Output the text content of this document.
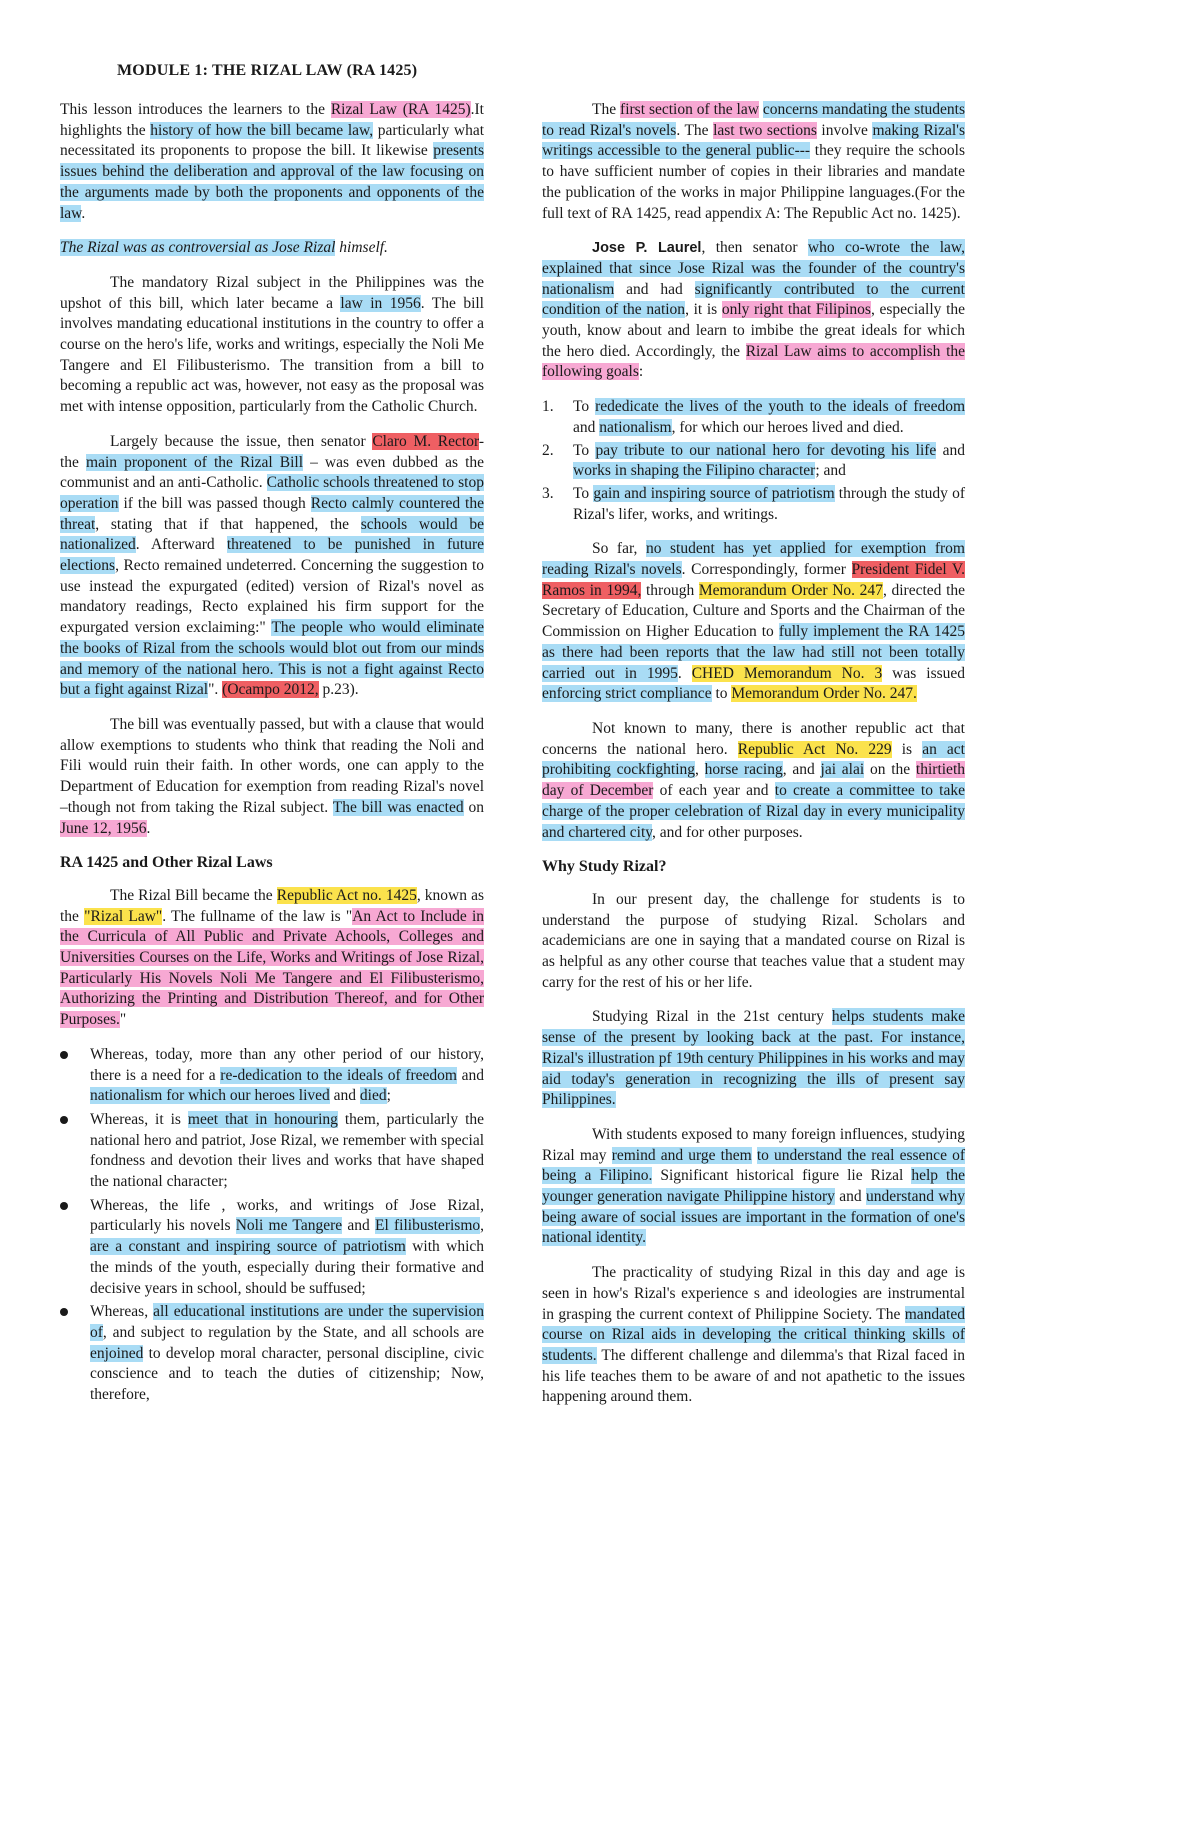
MODULE 1: THE RIZAL LAW (RA 1425)

This lesson introduces the learners to the Rizal Law (RA 1425).It highlights the history of how the bill became law, particularly what necessitated its proponents to propose the bill. It likewise presents issues behind the deliberation and approval of the law focusing on the arguments made by both the proponents and opponents of the law.

The Rizal was as controversial as Jose Rizal himself.

The mandatory Rizal subject in the Philippines was the upshot of this bill, which later became a law in 1956. The bill involves mandating educational institutions in the country to offer a course on the hero's life, works and writings, especially the Noli Me Tangere and El Filibusterismo. The transition from a bill to becoming a republic act was, however, not easy as the proposal was met with intense opposition, particularly from the Catholic Church.

Largely because the issue, then senator Claro M. Rector- the main proponent of the Rizal Bill – was even dubbed as the communist and an anti-Catholic. Catholic schools threatened to stop operation if the bill was passed though Recto calmly countered the threat, stating that if that happened, the schools would be nationalized. Afterward threatened to be punished in future elections, Recto remained undeterred. Concerning the suggestion to use instead the expurgated (edited) version of Rizal's novel as mandatory readings, Recto explained his firm support for the expurgated version exclaiming:" The people who would eliminate the books of Rizal from the schools would blot out from our minds and memory of the national hero. This is not a fight against Recto but a fight against Rizal". (Ocampo 2012, p.23).

The bill was eventually passed, but with a clause that would allow exemptions to students who think that reading the Noli and Fili would ruin their faith. In other words, one can apply to the Department of Education for exemption from reading Rizal's novel –though not from taking the Rizal subject. The bill was enacted on June 12, 1956.

RA 1425 and Other Rizal Laws

The Rizal Bill became the Republic Act no. 1425, known as the "Rizal Law". The fullname of the law is "An Act to Include in the Curricula of All Public and Private Achools, Colleges and Universities Courses on the Life, Works and Writings of Jose Rizal, Particularly His Novels Noli Me Tangere and El Filibusterismo, Authorizing the Printing and Distribution Thereof, and for Other Purposes."

Whereas, today, more than any other period of our history, there is a need for a re-dedication to the ideals of freedom and nationalism for which our heroes lived and died;
Whereas, it is meet that in honouring them, particularly the national hero and patriot, Jose Rizal, we remember with special fondness and devotion their lives and works that have shaped the national character;
Whereas, the life , works, and writings of Jose Rizal, particularly his novels Noli me Tangere and El filibusterismo, are a constant and inspiring source of patriotism with which the minds of the youth, especially during their formative and decisive years in school, should be suffused;
Whereas, all educational institutions are under the supervision of, and subject to regulation by the State, and all schools are enjoined to develop moral character, personal discipline, civic conscience and to teach the duties of citizenship; Now, therefore,

The first section of the law concerns mandating the students to read Rizal's novels. The last two sections involve making Rizal's writings accessible to the general public--- they require the schools to have sufficient number of copies in their libraries and mandate the publication of the works in major Philippine languages.(For the full text of RA 1425, read appendix A: The Republic Act no. 1425).

Jose P. Laurel, then senator who co-wrote the law, explained that since Jose Rizal was the founder of the country's nationalism and had significantly contributed to the current condition of the nation, it is only right that Filipinos, especially the youth, know about and learn to imbibe the great ideals for which the hero died. Accordingly, the Rizal Law aims to accomplish the following goals:

1. To rededicate the lives of the youth to the ideals of freedom and nationalism, for which our heroes lived and died.
2. To pay tribute to our national hero for devoting his life and works in shaping the Filipino character; and
3. To gain and inspiring source of patriotism through the study of Rizal's lifer, works, and writings.

So far, no student has yet applied for exemption from reading Rizal's novels. Correspondingly, former President Fidel V. Ramos in 1994, through Memorandum Order No. 247, directed the Secretary of Education, Culture and Sports and the Chairman of the Commission on Higher Education to fully implement the RA 1425 as there had been reports that the law had still not been totally carried out in 1995. CHED Memorandum No. 3 was issued enforcing strict compliance to Memorandum Order No. 247.

Not known to many, there is another republic act that concerns the national hero. Republic Act No. 229 is an act prohibiting cockfighting, horse racing, and jai alai on the thirtieth day of December of each year and to create a committee to take charge of the proper celebration of Rizal day in every municipality and chartered city, and for other purposes.

Why Study Rizal?

In our present day, the challenge for students is to understand the purpose of studying Rizal. Scholars and academicians are one in saying that a mandated course on Rizal is as helpful as any other course that teaches value that a student may carry for the rest of his or her life.

Studying Rizal in the 21st century helps students make sense of the present by looking back at the past. For instance, Rizal's illustration pf 19th century Philippines in his works and may aid today's generation in recognizing the ills of present say Philippines.

With students exposed to many foreign influences, studying Rizal may remind and urge them to understand the real essence of being a Filipino. Significant historical figure lie Rizal help the younger generation navigate Philippine history and understand why being aware of social issues are important in the formation of one's national identity.

The practicality of studying Rizal in this day and age is seen in how's Rizal's experience s and ideologies are instrumental in grasping the current context of Philippine Society. The mandated course on Rizal aids in developing the critical thinking skills of students. The different challenge and dilemma's that Rizal faced in his life teaches them to be aware of and not apathetic to the issues happening around them.
